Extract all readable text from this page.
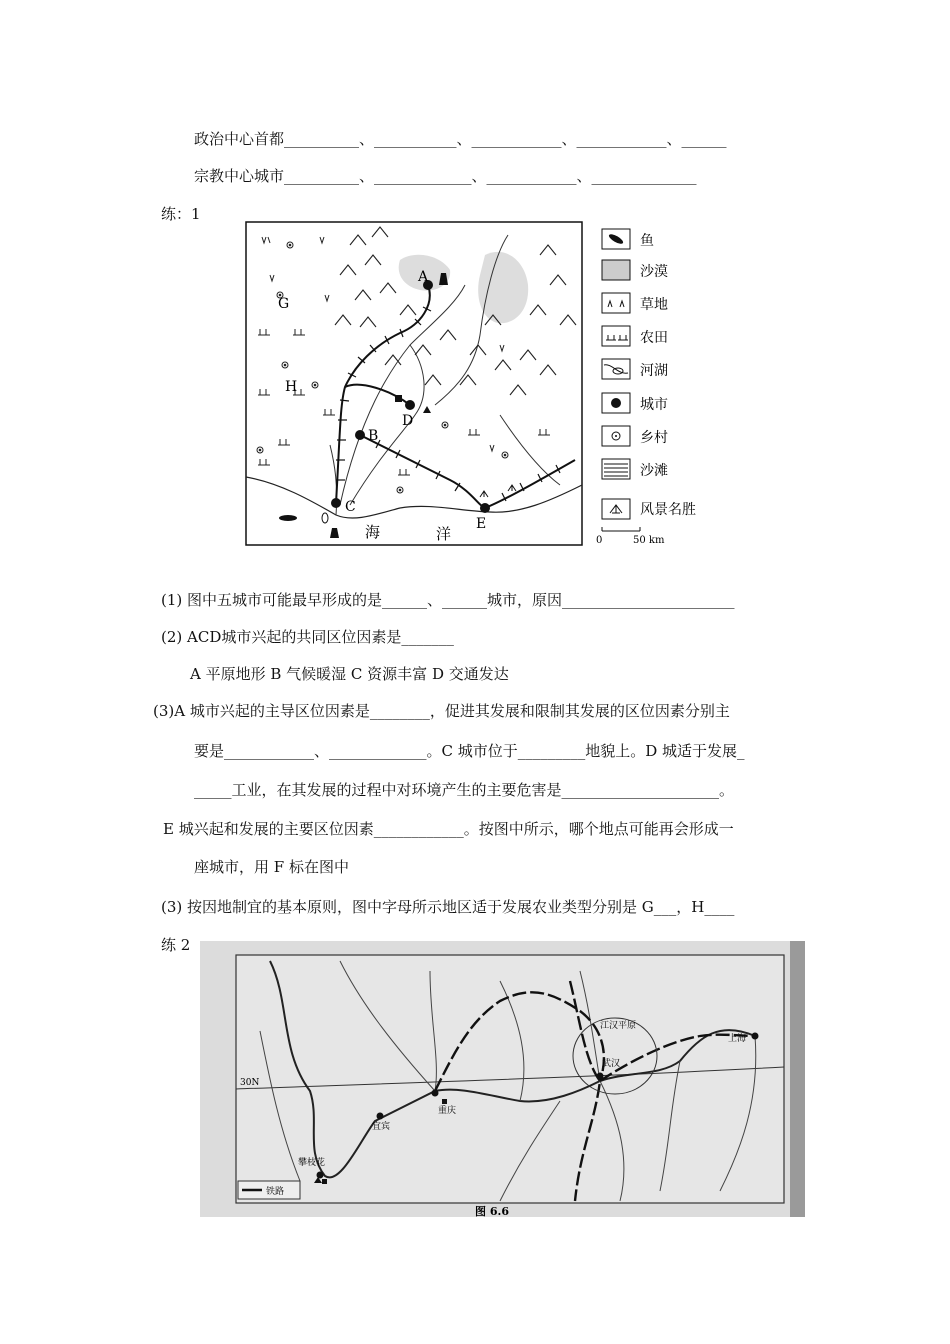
政治中心首都__________、___________、____________、____________、______
宗教中心城市__________、_____________、____________、______________
练：1
A
B
C
D
E
G
H
海	洋
鱼
沙漠
草地
农田
河湖
城市
乡村
沙滩
风景名胜
0	50 km
(1) 图中五城市可能最早形成的是______、______城市，原因_______________________
(2) ACD城市兴起的共同区位因素是_______
A 平原地形 B 气候暖湿 C 资源丰富 D 交通发达
(3)A 城市兴起的主导区位因素是________，促进其发展和限制其发展的区位因素分别主
要是____________、_____________。C 城市位于_________地貌上。D 城适于发展_
_____工业，在其发展的过程中对环境产生的主要危害是_____________________。
E 城兴起和发展的主要区位因素____________。按图中所示，哪个地点可能再会形成一
座城市，用 F 标在图中
(3) 按因地制宜的基本原则，图中字母所示地区适于发展农业类型分别是 G___，H____
练 2
30N
上海
武汉
江汉平原
重庆
宜宾
攀枝花
铁路
图 6.6
